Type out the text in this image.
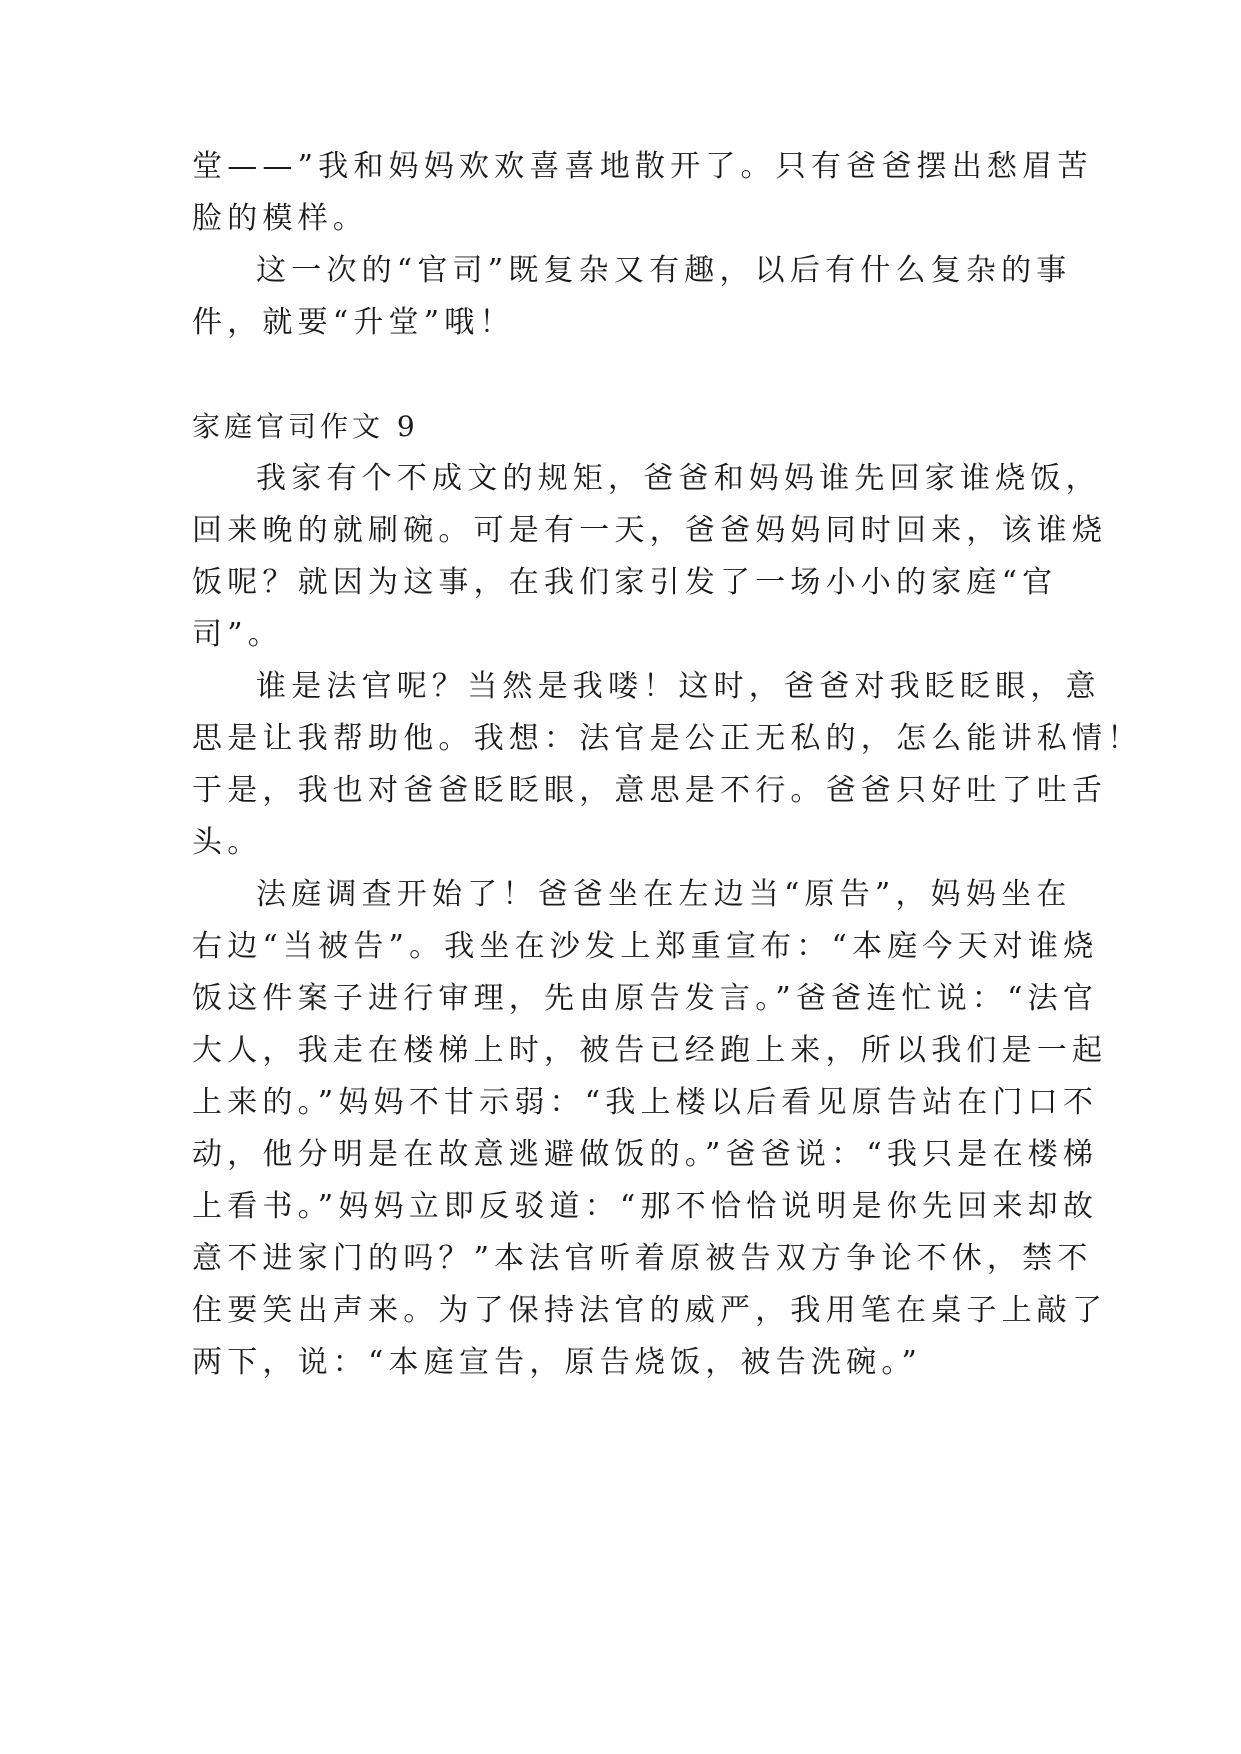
堂——”我和妈妈欢欢喜喜地散开了。只有爸爸摆出愁眉苦
脸的模样。
这一次的“官司”既复杂又有趣，以后有什么复杂的事
件，就要“升堂”哦！
家庭官司作文 9
我家有个不成文的规矩，爸爸和妈妈谁先回家谁烧饭，
回来晚的就刷碗。可是有一天，爸爸妈妈同时回来，该谁烧
饭呢？就因为这事，在我们家引发了一场小小的家庭“官
司”。
谁是法官呢？当然是我喽！这时，爸爸对我眨眨眼，意
思是让我帮助他。我想：法官是公正无私的，怎么能讲私情！
于是，我也对爸爸眨眨眼，意思是不行。爸爸只好吐了吐舌
头。
法庭调查开始了！爸爸坐在左边当“原告”，妈妈坐在
右边“当被告”。我坐在沙发上郑重宣布：“本庭今天对谁烧
饭这件案子进行审理，先由原告发言。”爸爸连忙说：“法官
大人，我走在楼梯上时，被告已经跑上来，所以我们是一起
上来的。”妈妈不甘示弱：“我上楼以后看见原告站在门口不
动，他分明是在故意逃避做饭的。”爸爸说：“我只是在楼梯
上看书。”妈妈立即反驳道：“那不恰恰说明是你先回来却故
意不进家门的吗？”本法官听着原被告双方争论不休，禁不
住要笑出声来。为了保持法官的威严，我用笔在桌子上敲了
两下，说：“本庭宣告，原告烧饭，被告洗碗。”
